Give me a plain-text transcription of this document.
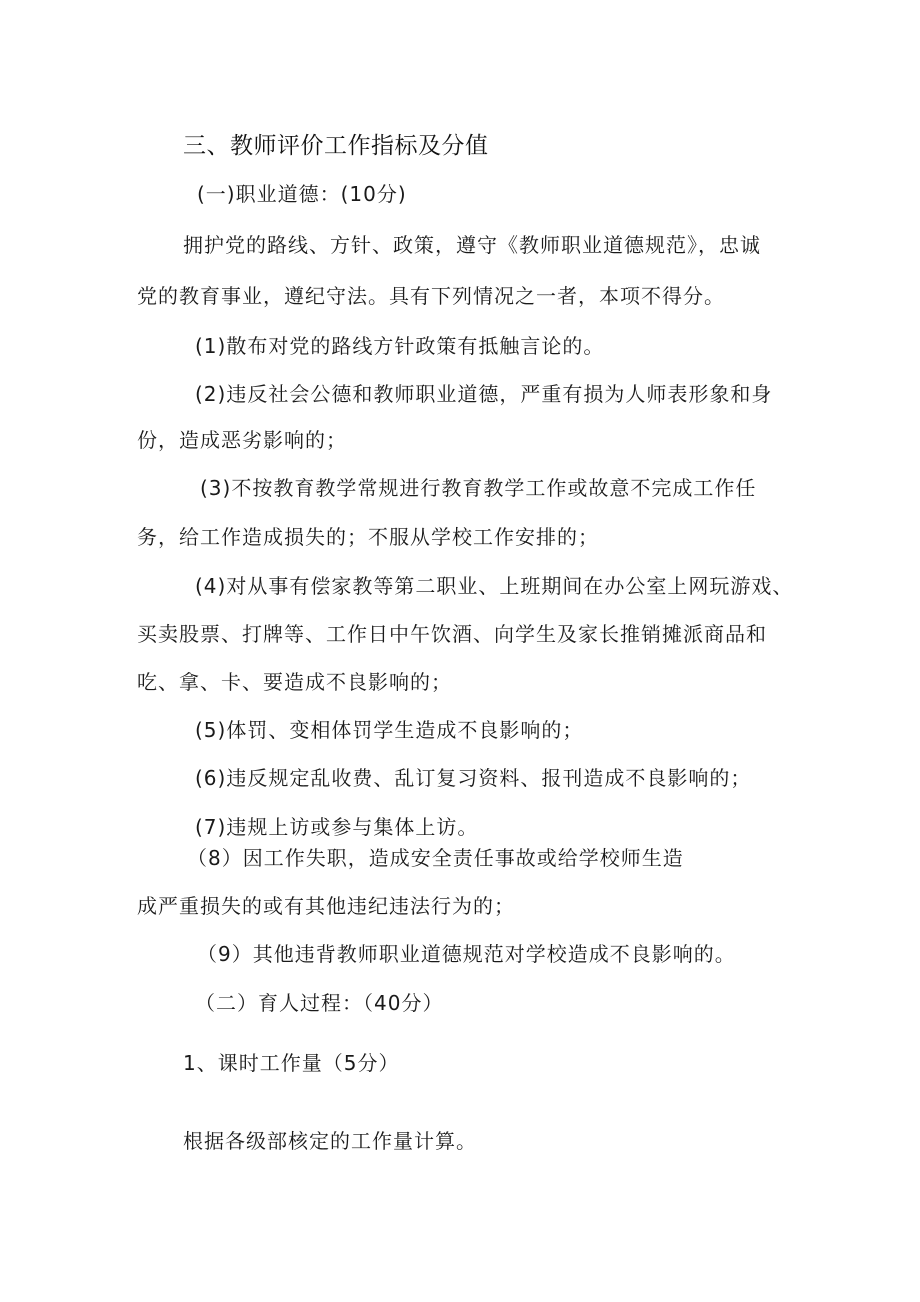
三、教师评价工作指标及分值
(一)职业道德：(10分)
拥护党的路线、方针、政策，遵守《教师职业道德规范》，忠诚
党的教育事业，遵纪守法。具有下列情况之一者，本项不得分。
(1)散布对党的路线方针政策有抵触言论的。
(2)违反社会公德和教师职业道德，严重有损为人师表形象和身
份，造成恶劣影响的；
(3)不按教育教学常规进行教育教学工作或故意不完成工作任
务，给工作造成损失的；不服从学校工作安排的；
(4)对从事有偿家教等第二职业、上班期间在办公室上网玩游戏、
买卖股票、打牌等、工作日中午饮酒、向学生及家长推销摊派商品和
吃、拿、卡、要造成不良影响的；
(5)体罚、变相体罚学生造成不良影响的；
(6)违反规定乱收费、乱订复习资料、报刊造成不良影响的；
(7)违规上访或参与集体上访。
（8）因工作失职，造成安全责任事故或给学校师生造
成严重损失的或有其他违纪违法行为的；
（9）其他违背教师职业道德规范对学校造成不良影响的。
（二）育人过程：（40分）
1、课时工作量（5分）
根据各级部核定的工作量计算。
